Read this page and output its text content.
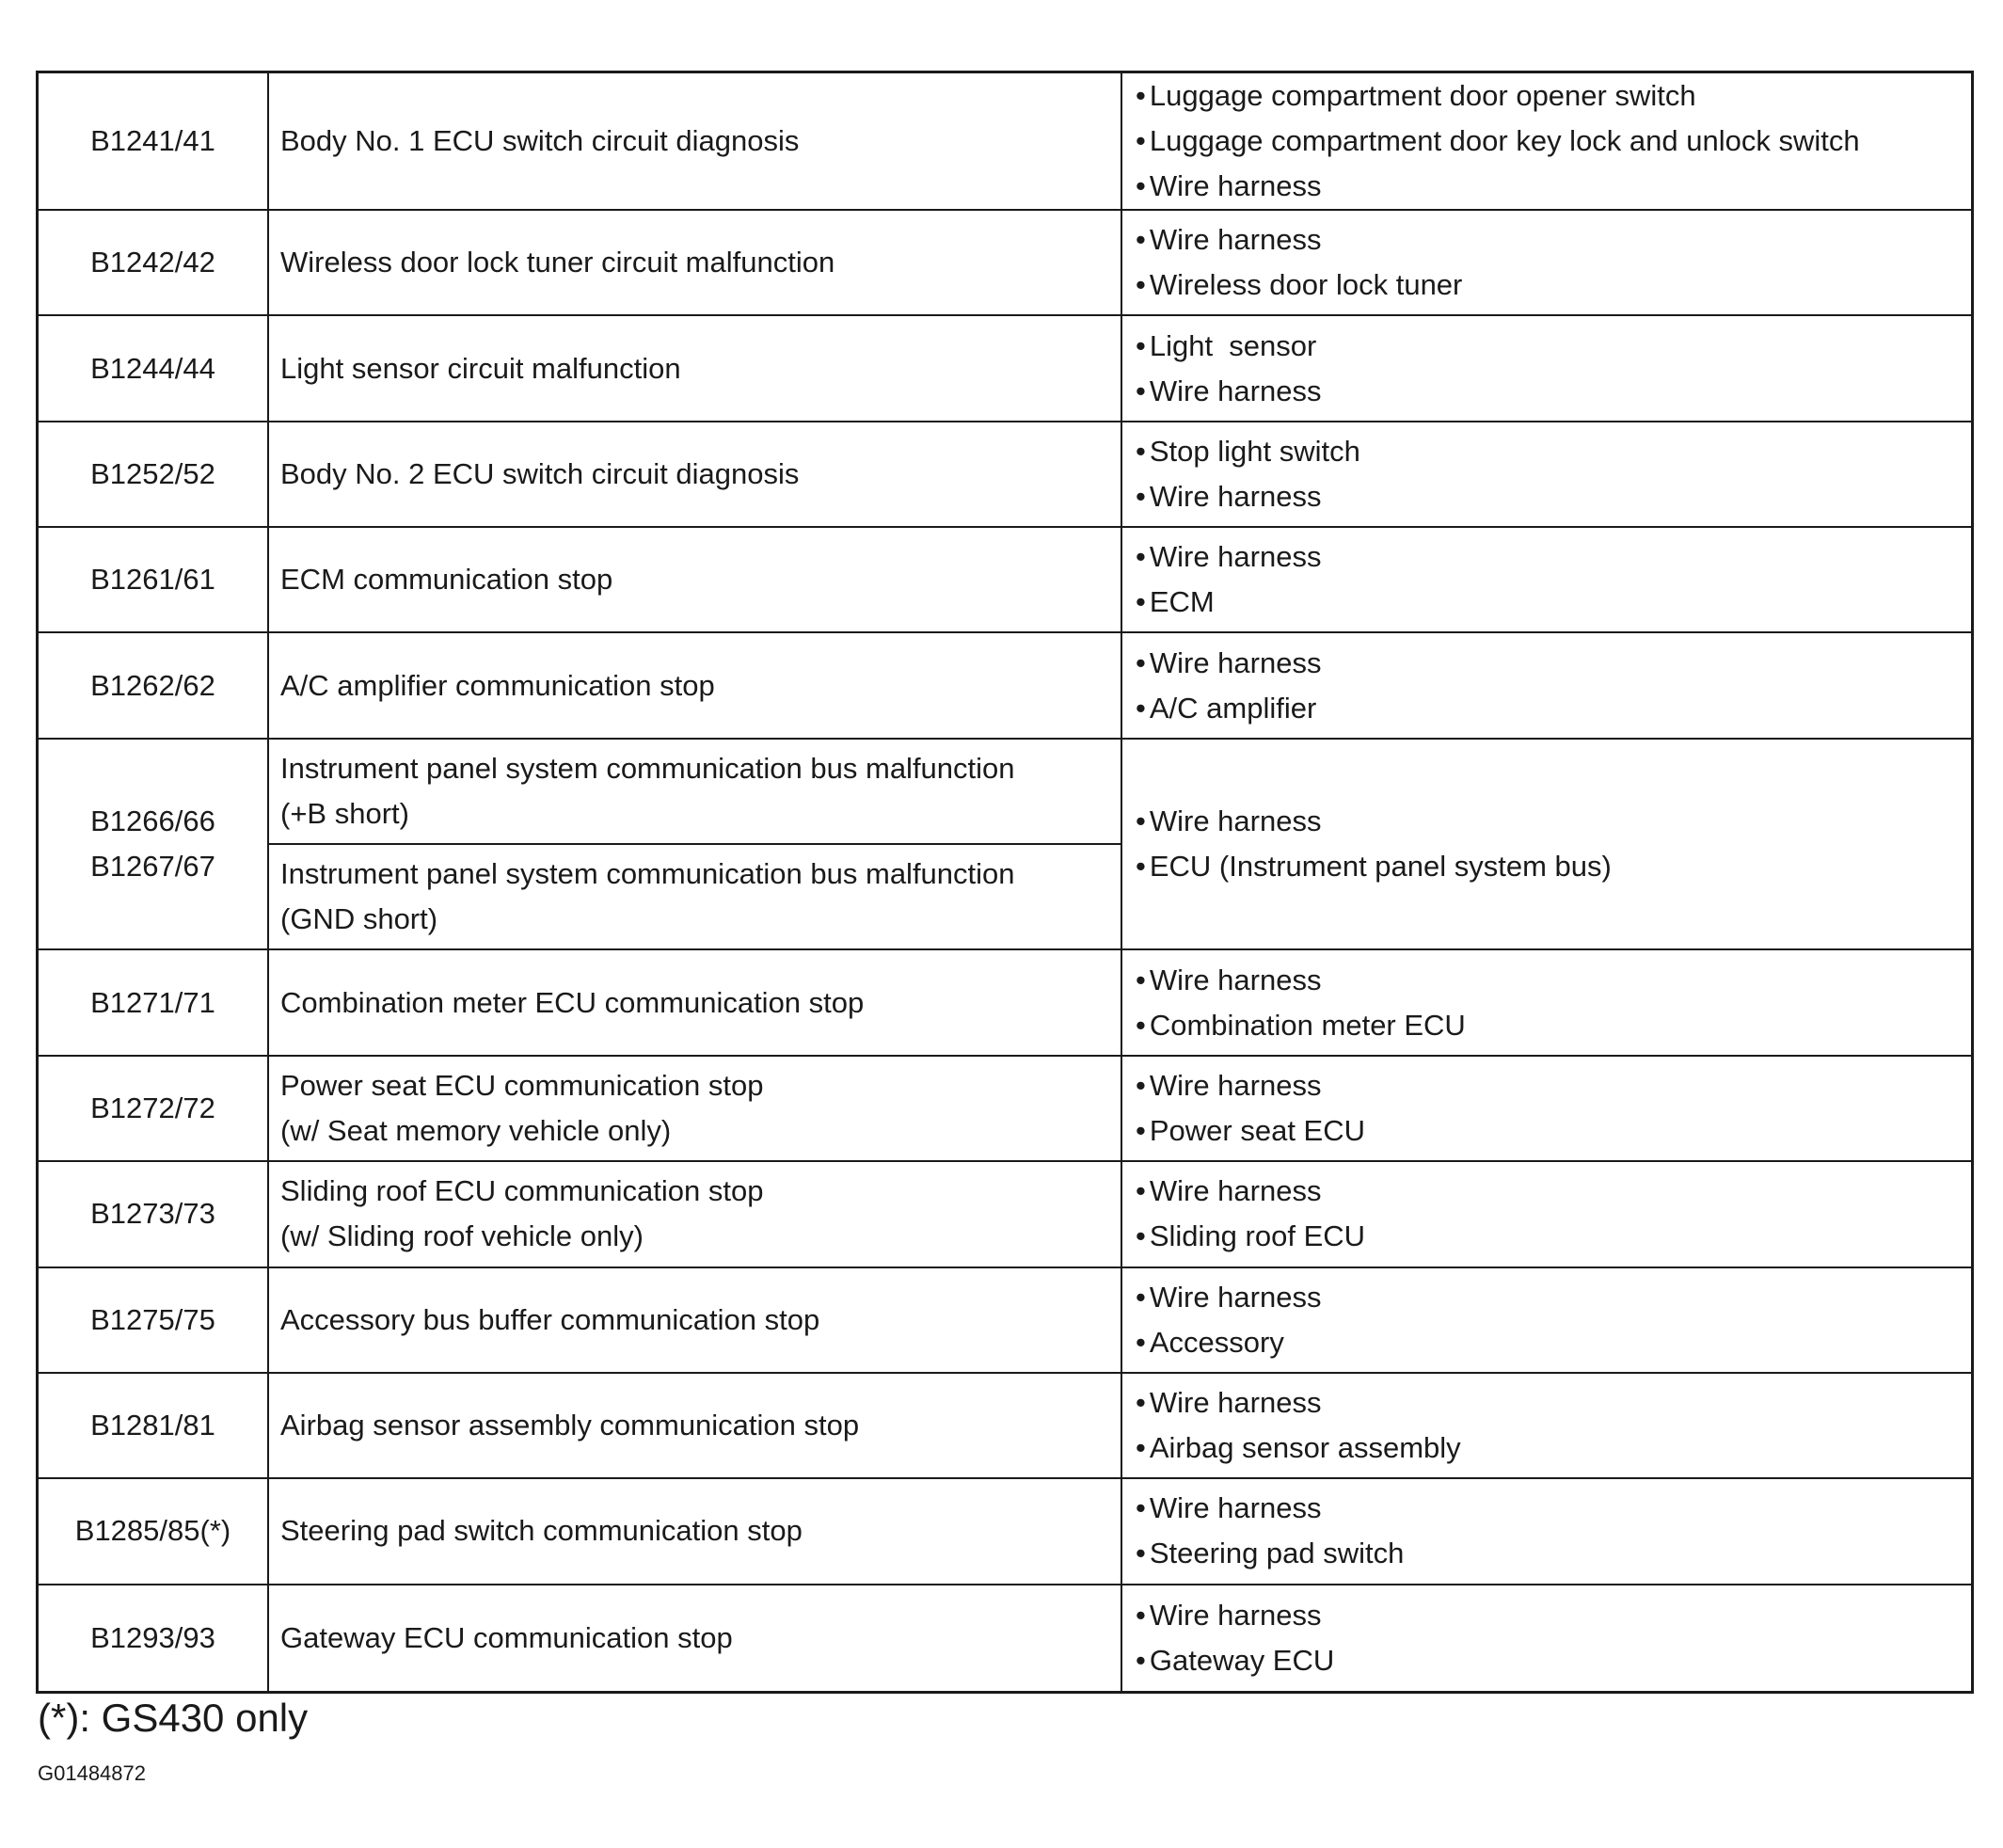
B1241/41 Body No. 1 ECU switch circuit diagnosis
• Luggage compartment door opener switch
• Luggage compartment door key lock and unlock switch
• Wire harness
B1242/42 Wireless door lock tuner circuit malfunction
• Wire harness
• Wireless door lock tuner
B1244/44 Light sensor circuit malfunction
• Light  sensor
• Wire harness
B1252/52 Body No. 2 ECU switch circuit diagnosis
• Stop light switch
• Wire harness
B1261/61 ECM communication stop
• Wire harness
• ECM
B1262/62 A/C amplifier communication stop
• Wire harness
• A/C amplifier
B1266/66
B1267/67
Instrument panel system communication bus malfunction
(+B short)
Instrument panel system communication bus malfunction
(GND short)
• Wire harness
• ECU (Instrument panel system bus)
B1271/71 Combination meter ECU communication stop
• Wire harness
• Combination meter ECU
B1272/72
Power seat ECU communication stop
(w/ Seat memory vehicle only)
• Wire harness
• Power seat ECU
B1273/73
Sliding roof ECU communication stop
(w/ Sliding roof vehicle only)
• Wire harness
• Sliding roof ECU
B1275/75 Accessory bus buffer communication stop
• Wire harness
• Accessory
B1281/81 Airbag sensor assembly communication stop
• Wire harness
• Airbag sensor assembly
B1285/85(*) Steering pad switch communication stop
• Wire harness
• Steering pad switch
B1293/93 Gateway ECU communication stop
• Wire harness
• Gateway ECU
(*): GS430 only
G01484872
